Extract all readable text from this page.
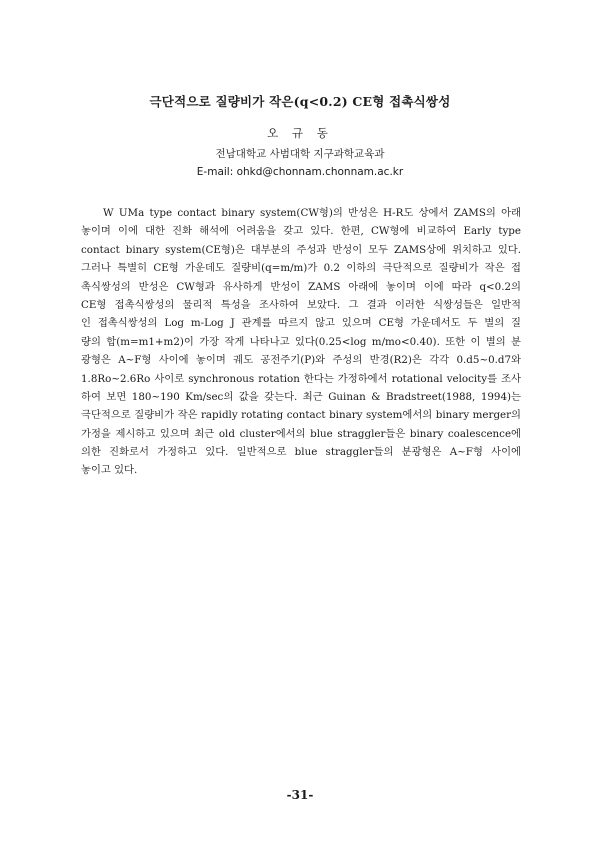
극단적으로 질량비가 작은(q<0.2) CE형 접촉식쌍성
오 규 동
전남대학교 사범대학 지구과학교육과
E-mail: ohkd@chonnam.chonnam.ac.kr
W UMa type contact binary system(CW형)의 반성은 H-R도 상에서 ZAMS의 아래
놓이며 이에 대한 진화 해석에 어려움을 갖고 있다. 한편, CW형에 비교하여 Early type
contact binary system(CE형)은 대부분의 주성과 반성이 모두 ZAMS상에 위치하고 있다.
그러나 특별히 CE형 가운데도 질량비(q=m/m)가 0.2 이하의 극단적으로 질량비가 작은 접
촉식쌍성의 반성은 CW형과 유사하게 반성이 ZAMS 아래에 놓이며 이에 따라 q<0.2의
CE형 접촉식쌍성의 물리적 특성을 조사하여 보았다. 그 결과 이러한 식쌍성들은 일반적
인 접촉식쌍성의 Log m-Log J 관계를 따르지 않고 있으며 CE형 가운데서도 두 별의 질
량의 합(m=m1+m2)이 가장 작게 나타나고 있다(0.25<log m/mo<0.40). 또한 이 별의 분
광형은 A~F형 사이에 놓이며 궤도 공전주기(P)와 주성의 반경(R2)은 각각 0.d5~0.d7와
1.8Ro~2.6Ro 사이로 synchronous rotation 한다는 가정하에서 rotational velocity를 조사
하여 보면 180~190 Km/sec의 값을 갖는다. 최근 Guinan & Bradstreet(1988, 1994)는
극단적으로 질량비가 작은 rapidly rotating contact binary system에서의 binary merger의
가정을 제시하고 있으며 최근 old cluster에서의 blue straggler들은 binary coalescence에
의한 진화로서 가정하고 있다. 일반적으로 blue straggler들의 분광형은 A~F형 사이에
놓이고 있다.
-31-
